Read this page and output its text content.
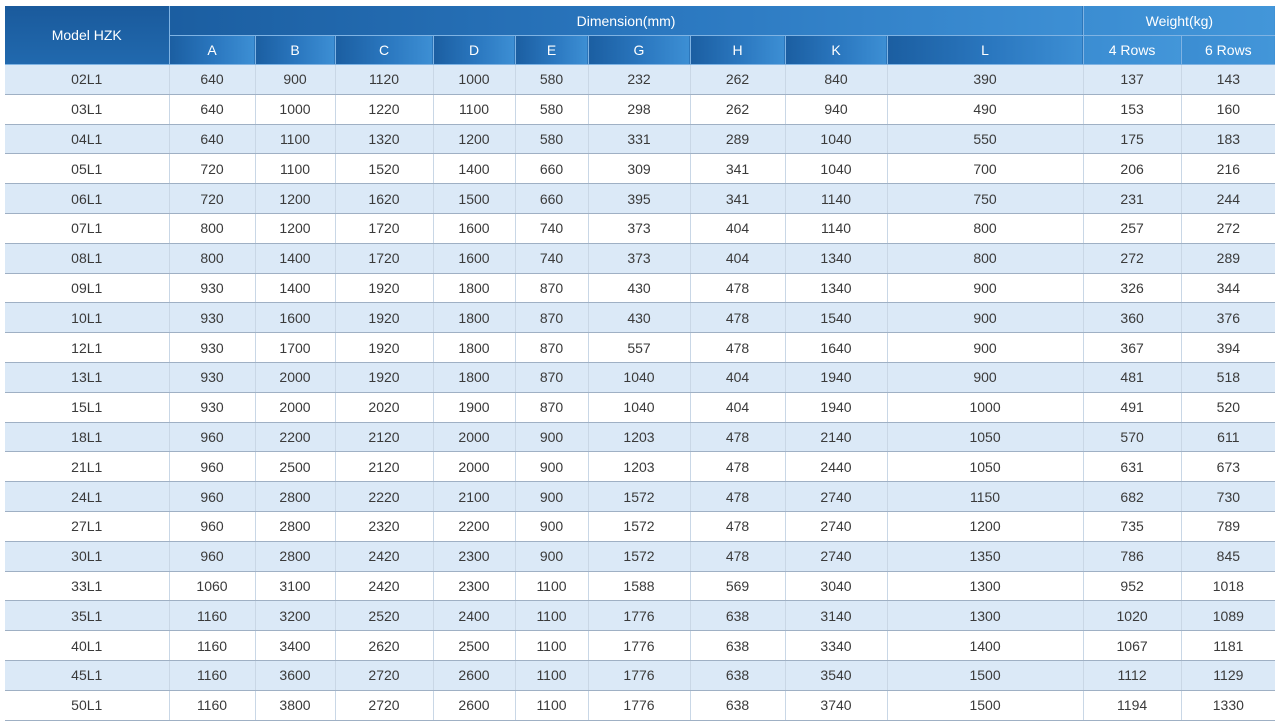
Model HZK	Dimension(mm)									Weight(kg)	
	A	B	C	D	E	G	H	K	L	4 Rows	6 Rows
02L1	640	900	1120	1000	580	232	262	840	390	137	143
03L1	640	1000	1220	1100	580	298	262	940	490	153	160
04L1	640	1100	1320	1200	580	331	289	1040	550	175	183
05L1	720	1100	1520	1400	660	309	341	1040	700	206	216
06L1	720	1200	1620	1500	660	395	341	1140	750	231	244
07L1	800	1200	1720	1600	740	373	404	1140	800	257	272
08L1	800	1400	1720	1600	740	373	404	1340	800	272	289
09L1	930	1400	1920	1800	870	430	478	1340	900	326	344
10L1	930	1600	1920	1800	870	430	478	1540	900	360	376
12L1	930	1700	1920	1800	870	557	478	1640	900	367	394
13L1	930	2000	1920	1800	870	1040	404	1940	900	481	518
15L1	930	2000	2020	1900	870	1040	404	1940	1000	491	520
18L1	960	2200	2120	2000	900	1203	478	2140	1050	570	611
21L1	960	2500	2120	2000	900	1203	478	2440	1050	631	673
24L1	960	2800	2220	2100	900	1572	478	2740	1150	682	730
27L1	960	2800	2320	2200	900	1572	478	2740	1200	735	789
30L1	960	2800	2420	2300	900	1572	478	2740	1350	786	845
33L1	1060	3100	2420	2300	1100	1588	569	3040	1300	952	1018
35L1	1160	3200	2520	2400	1100	1776	638	3140	1300	1020	1089
40L1	1160	3400	2620	2500	1100	1776	638	3340	1400	1067	1181
45L1	1160	3600	2720	2600	1100	1776	638	3540	1500	1112	1129
50L1	1160	3800	2720	2600	1100	1776	638	3740	1500	1194	1330
